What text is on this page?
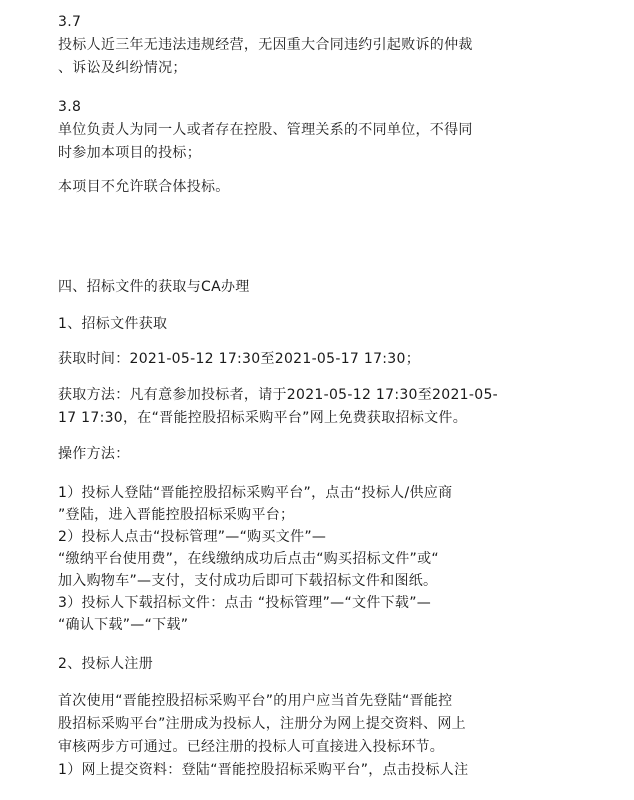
3.7
投标人近三年无违法违规经营，无因重大合同违约引起败诉的仲裁
、诉讼及纠纷情况；
3.8
单位负责人为同一人或者存在控股、管理关系的不同单位，不得同
时参加本项目的投标；
本项目不允许联合体投标。
四、招标文件的获取与CA办理
1、招标文件获取
获取时间：2021-05-12 17:30至2021-05-17 17:30；
获取方法：凡有意参加投标者，请于2021-05-12 17:30至2021-05-
17 17:30，在“晋能控股招标采购平台”网上免费获取招标文件。
操作方法：
1）投标人登陆“晋能控股招标采购平台”，点击“投标人/供应商
”登陆，进入晋能控股招标采购平台；
2）投标人点击“投标管理”—“购买文件”—
“缴纳平台使用费”，在线缴纳成功后点击“购买招标文件”或“
加入购物车”—支付，支付成功后即可下载招标文件和图纸。
3）投标人下载招标文件：点击 “投标管理”—“文件下载”—
“确认下载”—“下载”
2、投标人注册
首次使用“晋能控股招标采购平台”的用户应当首先登陆“晋能控
股招标采购平台”注册成为投标人，注册分为网上提交资料、网上
审核两步方可通过。已经注册的投标人可直接进入投标环节。
1）网上提交资料：登陆“晋能控股招标采购平台”，点击投标人注
